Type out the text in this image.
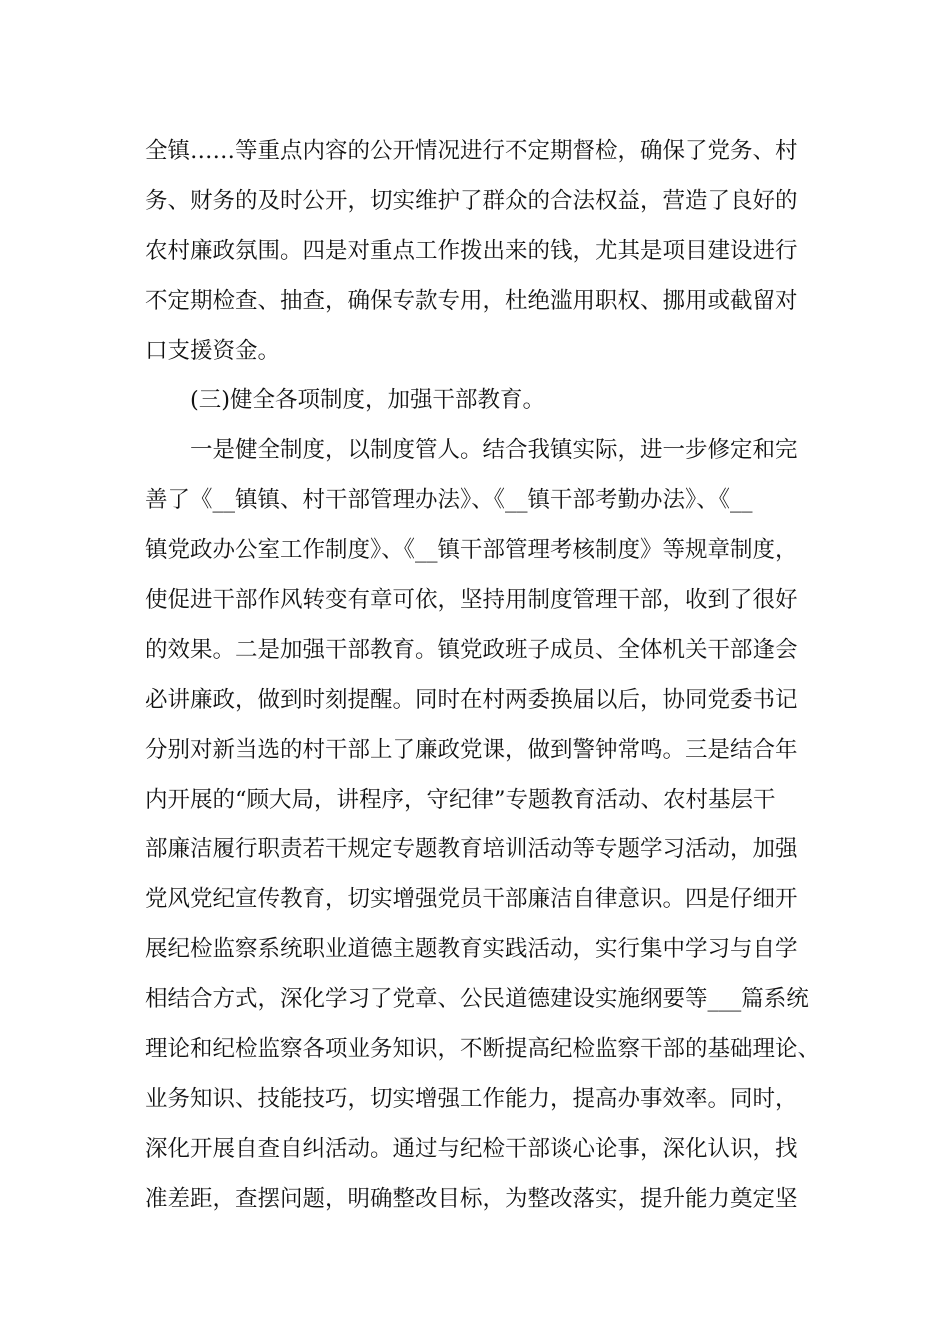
全镇……等重点内容的公开情况进行不定期督检，确保了党务、村
务、财务的及时公开，切实维护了群众的合法权益，营造了良好的
农村廉政氛围。四是对重点工作拨出来的钱，尤其是项目建设进行
不定期检查、抽查，确保专款专用，杜绝滥用职权、挪用或截留对
口支援资金。
(三)健全各项制度，加强干部教育。
一是健全制度，以制度管人。结合我镇实际，进一步修定和完
善了《__镇镇、村干部管理办法》、《__镇干部考勤办法》、《__
镇党政办公室工作制度》、《__镇干部管理考核制度》等规章制度，
使促进干部作风转变有章可依，坚持用制度管理干部，收到了很好
的效果。二是加强干部教育。镇党政班子成员、全体机关干部逢会
必讲廉政，做到时刻提醒。同时在村两委换届以后，协同党委书记
分别对新当选的村干部上了廉政党课，做到警钟常鸣。三是结合年
内开展的“顾大局，讲程序，守纪律”专题教育活动、农村基层干
部廉洁履行职责若干规定专题教育培训活动等专题学习活动，加强
党风党纪宣传教育，切实增强党员干部廉洁自律意识。四是仔细开
展纪检监察系统职业道德主题教育实践活动，实行集中学习与自学
相结合方式，深化学习了党章、公民道德建设实施纲要等___篇系统
理论和纪检监察各项业务知识，不断提高纪检监察干部的基础理论、
业务知识、技能技巧，切实增强工作能力，提高办事效率。同时，
深化开展自查自纠活动。通过与纪检干部谈心论事，深化认识，找
准差距，查摆问题，明确整改目标，为整改落实，提升能力奠定坚
